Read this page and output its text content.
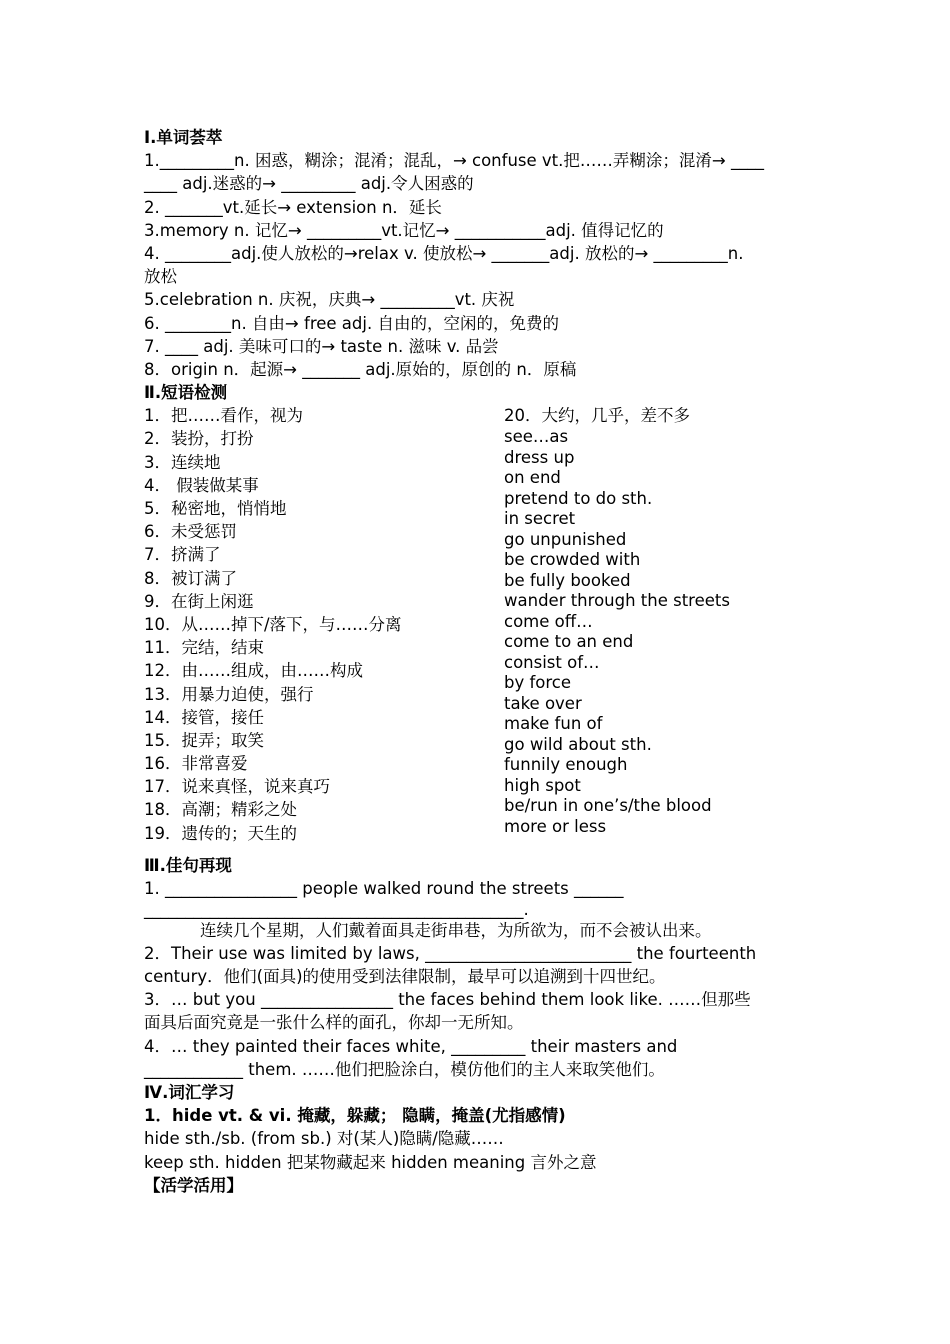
Ⅰ.单词荟萃
1._________n. 困惑，糊涂；混淆；混乱，→ confuse vt.把……弄糊涂；混淆→ ____
____ adj.迷惑的→ _________ adj.令人困惑的
2. _______vt.延长→ extension n．延长
3.memory n. 记忆→ _________vt.记忆→ ___________adj. 值得记忆的
4. ________adj.使人放松的→relax v. 使放松→ _______adj. 放松的→ _________n.
放松
5.celebration n. 庆祝，庆典→ _________vt. 庆祝
6. ________n. 自由→ free adj. 自由的，空闲的，免费的
7. ____ adj. 美味可口的→ taste n. 滋味 v. 品尝
8．origin n．起源→ _______ adj.原始的，原创的 n．原稿
Ⅱ.短语检测
1．把……看作，视为
2．装扮，打扮
3．连续地
4． 假装做某事
5．秘密地，悄悄地
6．未受惩罚
7．挤满了
8．被订满了
9．在街上闲逛
10．从……掉下/落下，与……分离
11．完结，结束
12．由……组成，由……构成
13．用暴力迫使，强行
14．接管，接任
15．捉弄；取笑
16．非常喜爱
17．说来真怪，说来真巧
18．高潮；精彩之处
19．遗传的；天生的
20．大约，几乎，差不多
see…as
dress up
on end
pretend to do sth.
in secret
go unpunished
be crowded with
be fully booked
wander through the streets
come off…
come to an end
consist of…
by force
take over
make fun of
go wild about sth.
funnily enough
high spot
be/run in one’s/the blood
more or less
Ⅲ.佳句再现
1. ________________ people walked round the streets ______
______________________________________________.
连续几个星期，人们戴着面具走街串巷，为所欲为，而不会被认出来。
2．Their use was limited by laws, _________________________ the fourteenth
century．他们(面具)的使用受到法律限制，最早可以追溯到十四世纪。
3．… but you ________________ the faces behind them look like. ……但那些
面具后面究竟是一张什么样的面孔，你却一无所知。
4．… they painted their faces white, _________ their masters and
____________ them. ……他们把脸涂白，模仿他们的主人来取笑他们。
Ⅳ.词汇学习
1．hide vt. & vi. 掩藏，躲藏； 隐瞒，掩盖(尤指感情)
hide sth./sb. (from sb.) 对(某人)隐瞒/隐藏……
keep sth. hidden 把某物藏起来 hidden meaning 言外之意
【活学活用】
